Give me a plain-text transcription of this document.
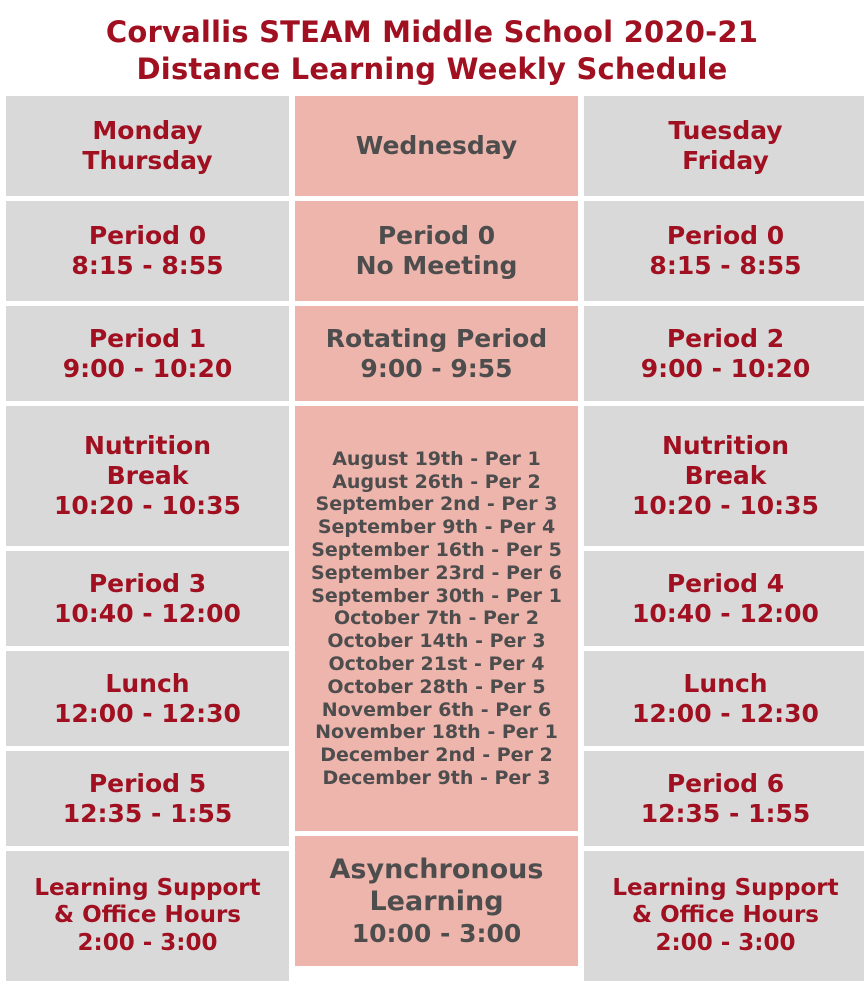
Corvallis STEAM Middle School 2020-21
Distance Learning Weekly Schedule
Monday
Thursday
Period 0
8:15 - 8:55
Period 1
9:00 - 10:20
Nutrition
Break
10:20 - 10:35
Period 3
10:40 - 12:00
Lunch
12:00 - 12:30
Period 5
12:35 - 1:55
Learning Support
& Office Hours
2:00 - 3:00
Wednesday
Period 0
No Meeting
Rotating Period
9:00 - 9:55
August 19th - Per 1
August 26th - Per 2
September 2nd - Per 3
September 9th - Per 4
September 16th - Per 5
September 23rd - Per 6
September 30th - Per 1
October 7th - Per 2
October 14th - Per 3
October 21st - Per 4
October 28th - Per 5
November 6th - Per 6
November 18th - Per 1
December 2nd - Per 2
December 9th - Per 3
Asynchronous
Learning
10:00 - 3:00
Tuesday
Friday
Period 0
8:15 - 8:55
Period 2
9:00 - 10:20
Nutrition
Break
10:20 - 10:35
Period 4
10:40 - 12:00
Lunch
12:00 - 12:30
Period 6
12:35 - 1:55
Learning Support
& Office Hours
2:00 - 3:00
